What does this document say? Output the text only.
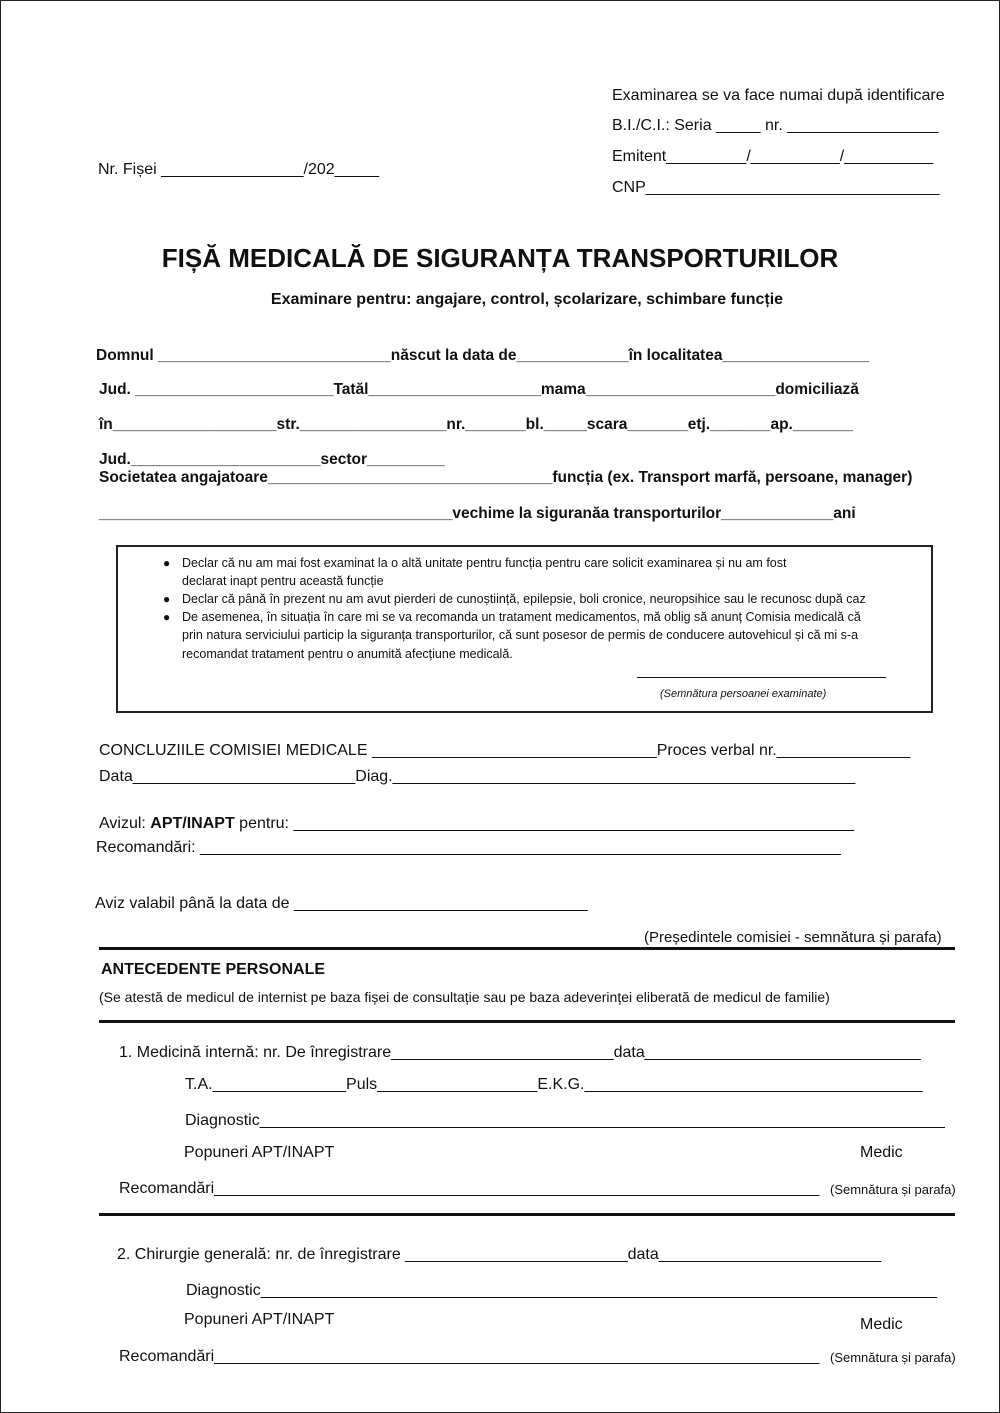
Examinarea se va face numai după identificare
B.I./C.I.: Seria _____ nr. _________________
Emitent_________/__________/__________
CNP_________________________________
Nr. Fișei ________________/202_____
FIȘĂ MEDICALĂ DE SIGURANȚA TRANSPORTURILOR
Examinare pentru: angajare, control, școlarizare, schimbare funcție
Domnul ___________________________născut la data de_____________în localitatea_________________
Jud. _______________________Tatăl____________________mama______________________domiciliază
în___________________str._________________nr._______bl._____scara_______etj._______ap._______
Jud.______________________sector_________
Societatea angajatoare_________________________________funcția (ex. Transport marfă, persoane, manager)
_________________________________________vechime la siguranăa transporturilor_____________ani
● Declar că nu am mai fost examinat la o altă unitate pentru funcția pentru care solicit examinarea și nu am fost
declarat inapt pentru această funcție
● Declar că până în prezent nu am avut pierderi de cunoștiință, epilepsie, boli cronice, neuropsihice sau le recunosc după caz
● De asemenea, în situația în care mi se va recomanda un tratament medicamentos, mă oblig să anunț Comisia medicală că
prin natura serviciului particip la siguranța transporturilor, că sunt posesor de permis de conducere autovehicul și că mi s-a
recomandat tratament pentru o anumită afecțiune medicală.
(Semnătura persoanei examinate)
CONCLUZIILE COMISIEI MEDICALE ________________________________Proces verbal nr._______________
Data_________________________Diag.____________________________________________________
Avizul: APT/INAPT pentru: _______________________________________________________________
Recomandări: ________________________________________________________________________
Aviz valabil până la data de _________________________________
(Președintele comisiei - semnătura și parafa)
ANTECEDENTE PERSONALE
(Se atestă de medicul de internist pe baza fișei de consultație sau pe baza adeverinței eliberată de medicul de familie)
1. Medicină internă: nr. De înregistrare_________________________data_______________________________
T.A._______________Puls__________________E.K.G.______________________________________
Diagnostic_____________________________________________________________________________
Popuneri APT/INAPT	Medic
Recomandări____________________________________________________________________ (Semnătura și parafa)
2. Chirurgie generală: nr. de înregistrare _________________________data_________________________
Diagnostic____________________________________________________________________________
Popuneri APT/INAPT	Medic
Recomandări____________________________________________________________________ (Semnătura și parafa)
